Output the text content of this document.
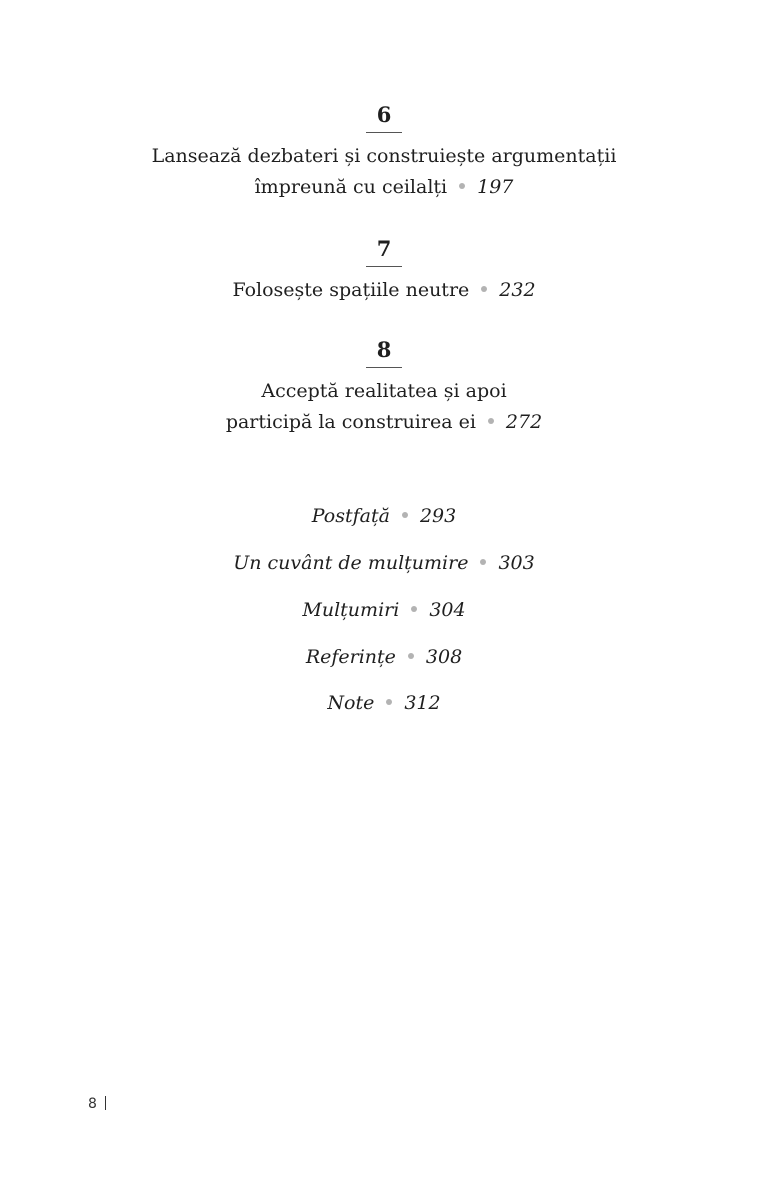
6
Lansează dezbateri și construiește argumentații
împreună cu ceilalți 197
7
Folosește spațiile neutre 232
8
Acceptă realitatea și apoi
participă la construirea ei 272
Postfață 293
Un cuvânt de mulțumire 303
Mulțumiri 304
Referințe 308
Note 312
8
